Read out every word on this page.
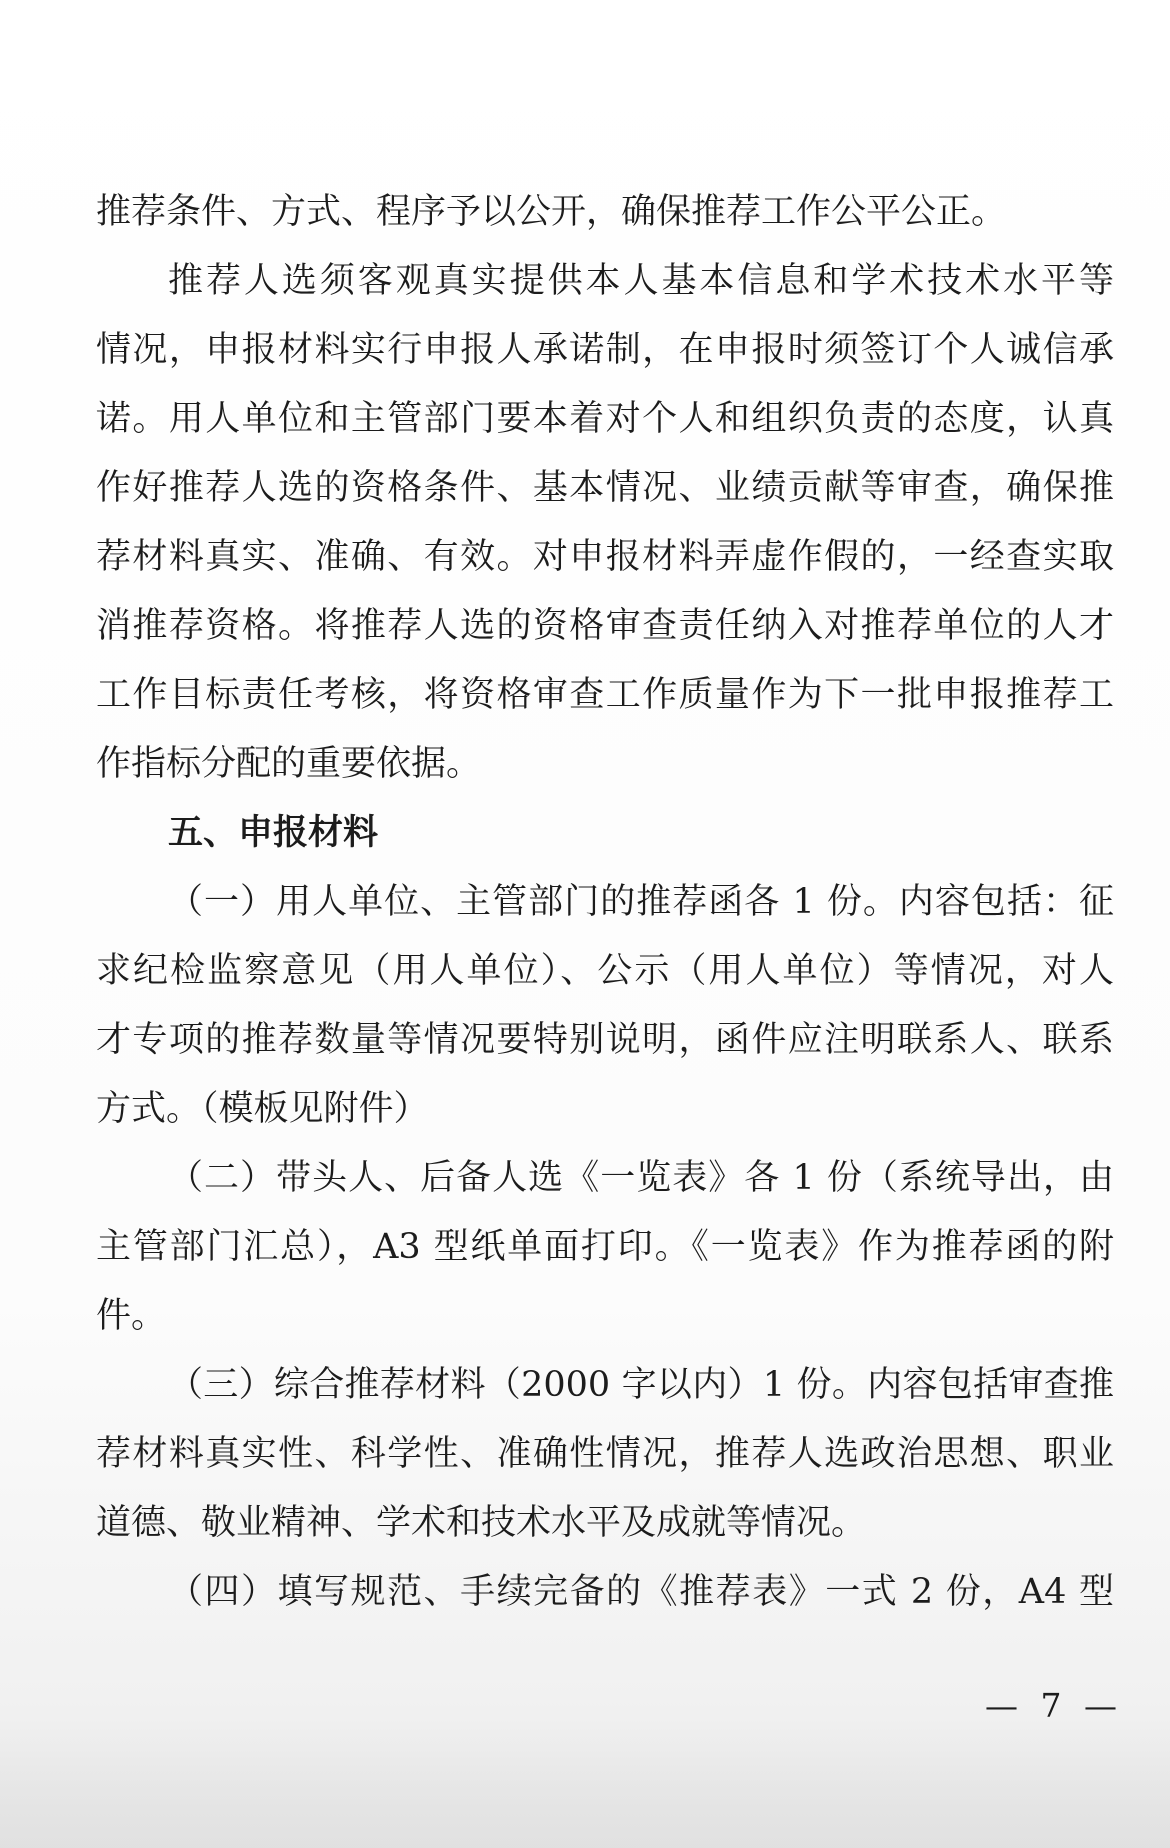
推荐条件、方式、程序予以公开，确保推荐工作公平公正。
推荐人选须客观真实提供本人基本信息和学术技术水平等
情况，申报材料实行申报人承诺制，在申报时须签订个人诚信承
诺。用人单位和主管部门要本着对个人和组织负责的态度，认真
作好推荐人选的资格条件、基本情况、业绩贡献等审查，确保推
荐材料真实、准确、有效。对申报材料弄虚作假的，一经查实取
消推荐资格。将推荐人选的资格审查责任纳入对推荐单位的人才
工作目标责任考核，将资格审查工作质量作为下一批申报推荐工
作指标分配的重要依据。
五、申报材料
（一）用人单位、主管部门的推荐函各 1 份。内容包括：征
求纪检监察意见（用人单位）、公示（用人单位）等情况，对人
才专项的推荐数量等情况要特别说明，函件应注明联系人、联系
方式。（模板见附件）
（二）带头人、后备人选《一览表》各 1 份（系统导出，由
主管部门汇总），A3 型纸单面打印。《一览表》作为推荐函的附
件。
（三）综合推荐材料（2000 字以内）1 份。内容包括审查推
荐材料真实性、科学性、准确性情况，推荐人选政治思想、职业
道德、敬业精神、学术和技术水平及成就等情况。
（四）填写规范、手续完备的《推荐表》一式 2 份，A4 型
— 7 —
